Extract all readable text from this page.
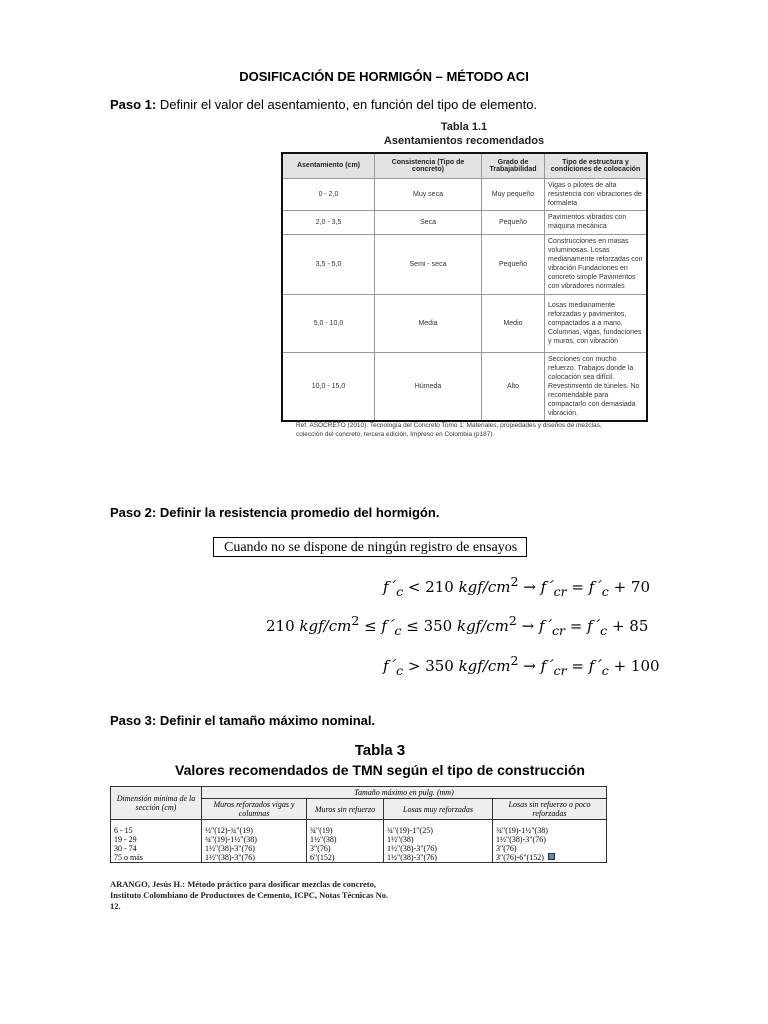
DOSIFICACIÓN DE HORMIGÓN – MÉTODO ACI
Paso 1: Definir el valor del asentamiento, en función del tipo de elemento.
Tabla 1.1
Asentamientos recomendados
Asentamiento (cm)	Consistencia (Tipo de concreto)	Grado de Trabajabilidad	Tipo de estructura y condiciones de colocación
0 - 2,0	Muy seca	Muy pequeño	Vigas o pilotes de alta resistencia con vibraciones de formaleta
2,0 - 3,5	Seca	Pequeño	Pavimentos vibrados con máquina mecánica
3,5 - 5,0	Semi - seca	Pequeño	Construcciones en masas voluminosas. Losas medianamente reforzadas con vibración Fundaciones en concreto simple Pavimentos con vibradores normales
5,0 - 10,0	Media	Medio	Losas medianamente reforzadas y pavimentos, compactados a a mano. Columnas, vigas, fundaciones y muros, con vibración
10,0 - 15,0	Húmeda	Alto	Secciones con mucho refuerzo. Trabajos donde la colocación sea difícil. Revestimiento de túneles. No recomendable para compactarlo con demasiada vibración.
Ref. ASOCRETO (2010). Tecnología del Concreto Tomo 1: Materiales, propiedades y diseños de mezclas, colección del concreto, tercera edición, Impreso en Colombia (p187).
Paso 2: Definir la resistencia promedio del hormigón.
Cuando no se dispone de ningún registro de ensayos
$f´_c < 210$ kgf/$cm^2$ → $f´_{cr}$ = $f´_c + 70$
210 kgf/$cm^2$ ≤ $f´_c \le 350$ kgf/$cm^2$ → $f´_{cr}$ = $f´_c + 85$
$f´_c > 350$ kgf/$cm^2$ → $f´_{cr}$ = $f´_c + 100$
Paso 3: Definir el tamaño máximo nominal.
Tabla 3
Valores recomendados de TMN según el tipo de construcción
Dimensión mínima de la sección (cm)	Tamaño máximo en pulg. (mm)			
	Muros reforzados vigas y columnas	Muros sin refuerzo	Losas muy reforzadas	Losas sin refuerzo o poco reforzadas

6 - 15	½"(12)-¾"(19)	¾"(19)	¾"(19)-1"(25)	¾"(19)-1½"(38)
19 - 29	¾"(19)-1½"(38)	1½"(38)	1½"(38)	1½"(38)-3"(76)
30 - 74	1½"(38)-3"(76)	3"(76)	1½"(38)-3"(76)	3"(76)
75 o más	1½"(38)-3"(76)	6"(152)	1½"(38)-3"(76)	3"(76)-6"(152)
ARANGO, Jesús H.: Método práctico para dosificar mezclas de concreto, Instituto Colombiano de Productores de Cemento, ICPC, Notas Técnicas No. 12.
